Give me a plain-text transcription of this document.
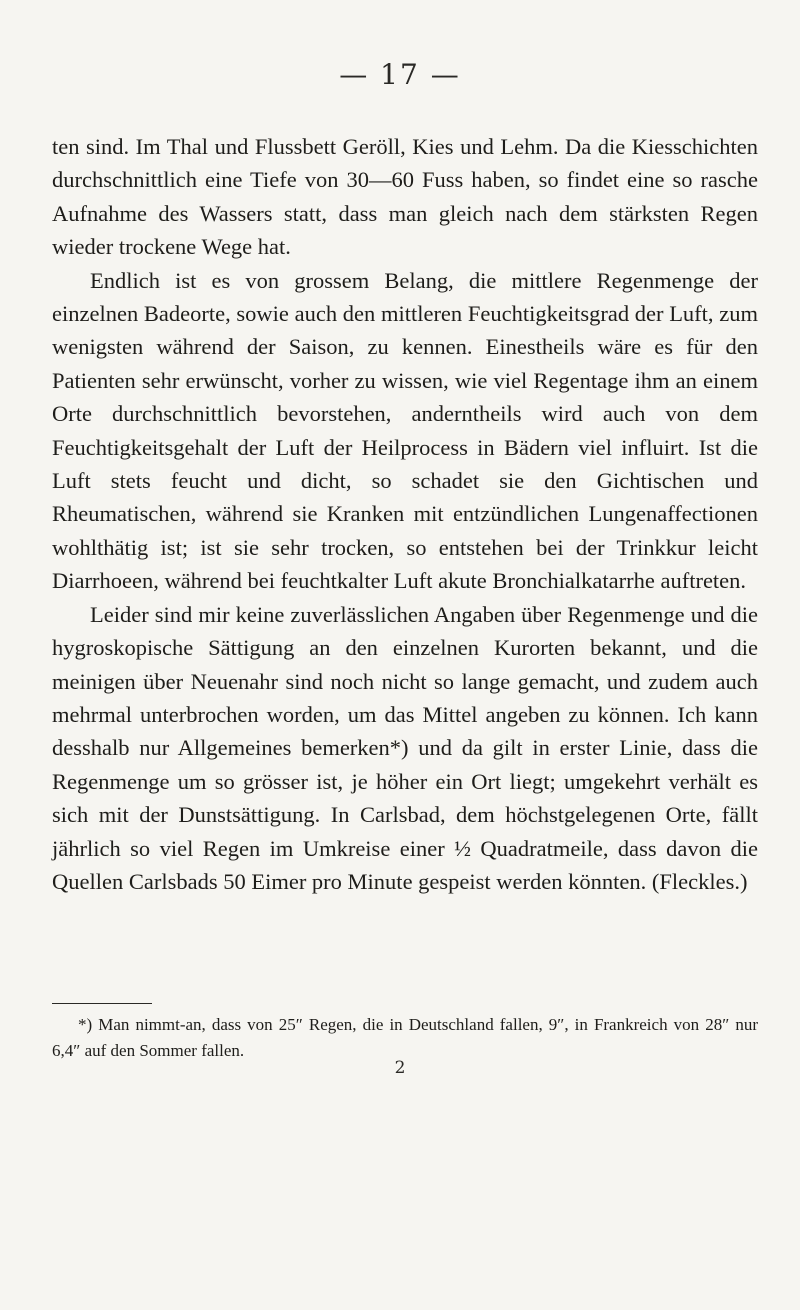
— 17 —

ten sind. Im Thal und Flussbett Geröll, Kies und Lehm. Da die Kiesschichten durchschnittlich eine Tiefe von 30—60 Fuss haben, so findet eine so rasche Aufnahme des Wassers statt, dass man gleich nach dem stärksten Regen wieder trockene Wege hat.

Endlich ist es von grossem Belang, die mittlere Regenmenge der einzelnen Badeorte, sowie auch den mittleren Feuchtigkeitsgrad der Luft, zum wenigsten während der Saison, zu kennen. Einestheils wäre es für den Patienten sehr erwünscht, vorher zu wissen, wie viel Regentage ihm an einem Orte durchschnittlich bevorstehen, anderntheils wird auch von dem Feuchtigkeitsgehalt der Luft der Heilprocess in Bädern viel influirt. Ist die Luft stets feucht und dicht, so schadet sie den Gichtischen und Rheumatischen, während sie Kranken mit entzündlichen Lungenaffectionen wohlthätig ist; ist sie sehr trocken, so entstehen bei der Trinkkur leicht Diarrhoeen, während bei feuchtkalter Luft akute Bronchialkatarrhe auftreten.

Leider sind mir keine zuverlässlichen Angaben über Regenmenge und die hygroskopische Sättigung an den einzelnen Kurorten bekannt, und die meinigen über Neuenahr sind noch nicht so lange gemacht, und zudem auch mehrmal unterbrochen worden, um das Mittel angeben zu können. Ich kann desshalb nur Allgemeines bemerken*) und da gilt in erster Linie, dass die Regenmenge um so grösser ist, je höher ein Ort liegt; umgekehrt verhält es sich mit der Dunstsättigung. In Carlsbad, dem höchstgelegenen Orte, fällt jährlich so viel Regen im Umkreise einer ½ Quadratmeile, dass davon die Quellen Carlsbads 50 Eimer pro Minute gespeist werden könnten. (Fleckles.)

*) Man nimmt-an, dass von 25″ Regen, die in Deutschland fallen, 9″, in Frankreich von 28″ nur 6,4″ auf den Sommer fallen.

2
